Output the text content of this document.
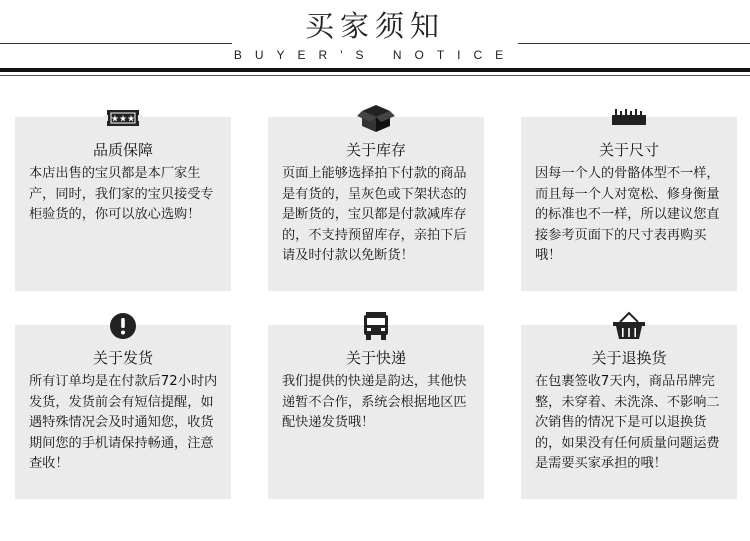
买家须知
BUYER'S NOTICE
★★★
品质保障
本店出售的宝贝都是本厂家生产，同时，我们家的宝贝接受专柜验货的，你可以放心选购！
关于库存
页面上能够选择拍下付款的商品是有货的，呈灰色或下架状态的是断货的，宝贝都是付款减库存的，不支持预留库存，亲拍下后请及时付款以免断货！
关于尺寸
因每一个人的骨骼体型不一样，而且每一个人对宽松、修身衡量的标准也不一样，所以建议您直接参考页面下的尺寸表再购买哦！
关于发货
所有订单均是在付款后72小时内发货，发货前会有短信提醒，如遇特殊情况会及时通知您，收货期间您的手机请保持畅通，注意查收！
关于快递
我们提供的快递是韵达，其他快递暂不合作，系统会根据地区匹配快递发货哦！
关于退换货
在包裹签收7天内，商品吊牌完整，未穿着、未洗涤、不影响二次销售的情况下是可以退换货的，如果没有任何质量问题运费是需要买家承担的哦！
